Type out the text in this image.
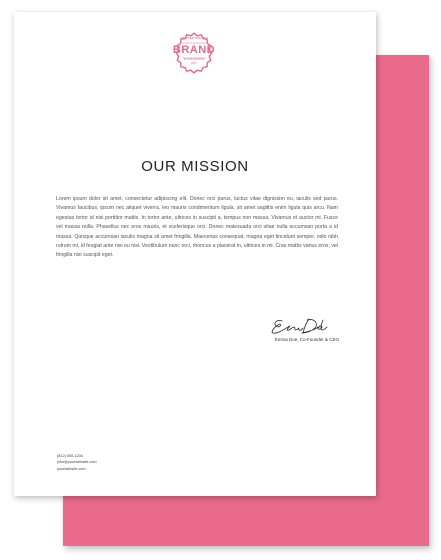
CRAFTED FOR YOU
BRAND
STUDIO DESIGN
2017
OUR MISSION

Lorem ipsum dolor sit amet, consectetur adipiscing elit. Donec orci purus, luctus vitae dignissim eu, iaculis sed purus. Vivamus faucibus, ipsum nec aliquet viverra, leo mauris condimentum ligula, sit amet sagittis enim ligula quis arcu. Nam egestas tortor id nisi porttitor mattis. In tortor ante, ultrices in suscipit a, tempus non massa. Vivamus et auctor mi. Fusce vel massa nulla. Phasellus nec eros mauris, et scelerisque orci. Donec malesuada orci vitae nulla accumsan porta a id massa. Quisque accumsan iaculis magna sit amet fringilla. Maecenas consequat, magna eget tincidunt semper, odio nibh rutrum mi, id feugiat ante nisi eu nisi. Vestibulum nunc orci, rhoncus a placerat in, ultrices in mi. Cras mattis varius eros, vel fringilla nisi suscipit eget.

Emma Doe, Co-Founder & CEO
(812) 555-1234
john@yourwebsite.com
yourwebsite.com
